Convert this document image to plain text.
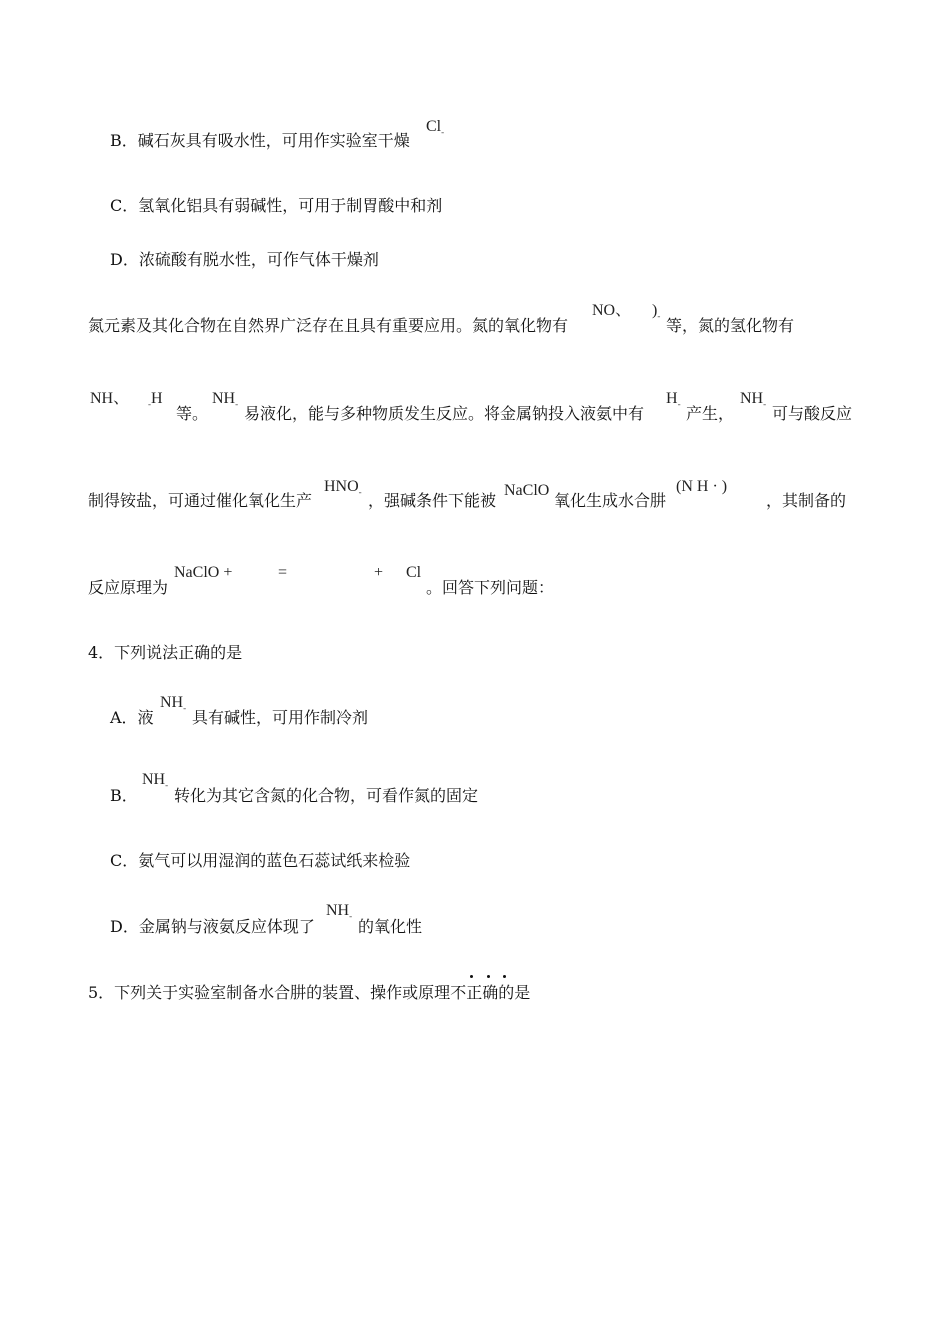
B．碱石灰具有吸水性，可用作实验室干燥
$Cl_-$
C．氢氧化铝具有弱碱性，可用于制胃酸中和剂
D．浓硫酸有脱水性，可作气体干燥剂
氮元素及其化合物在自然界广泛存在且具有重要应用。氮的氧化物有
NO、 )$_-$ 等，氮的氢化物有
NH、 $_-$H
等。
$NH_-$ 易液化，能与多种物质发生反应。将金属钠投入液氨中有
$H_-$ 产生，
$NH_-$ 可与酸反应
制得铵盐，可通过催化氧化生产
$HNO_-$ ，强碱条件下能被
NaClO
氧化生成水合肼
(N H · )
，其制备的
反应原理为
NaClO +	=	+ Cl
。回答下列问题：
4．下列说法正确的是
A．液
$NH_-$ 具有碱性，可用作制冷剂
B．
$NH_-$
转化为其它含氮的化合物，可看作氮的固定
C．氨气可以用湿润的蓝色石蕊试纸来检验
D．金属钠与液氨反应体现了
$NH_-$
的氧化性
5．下列关于实验室制备水合肼的装置、操作或原理不正确的是
